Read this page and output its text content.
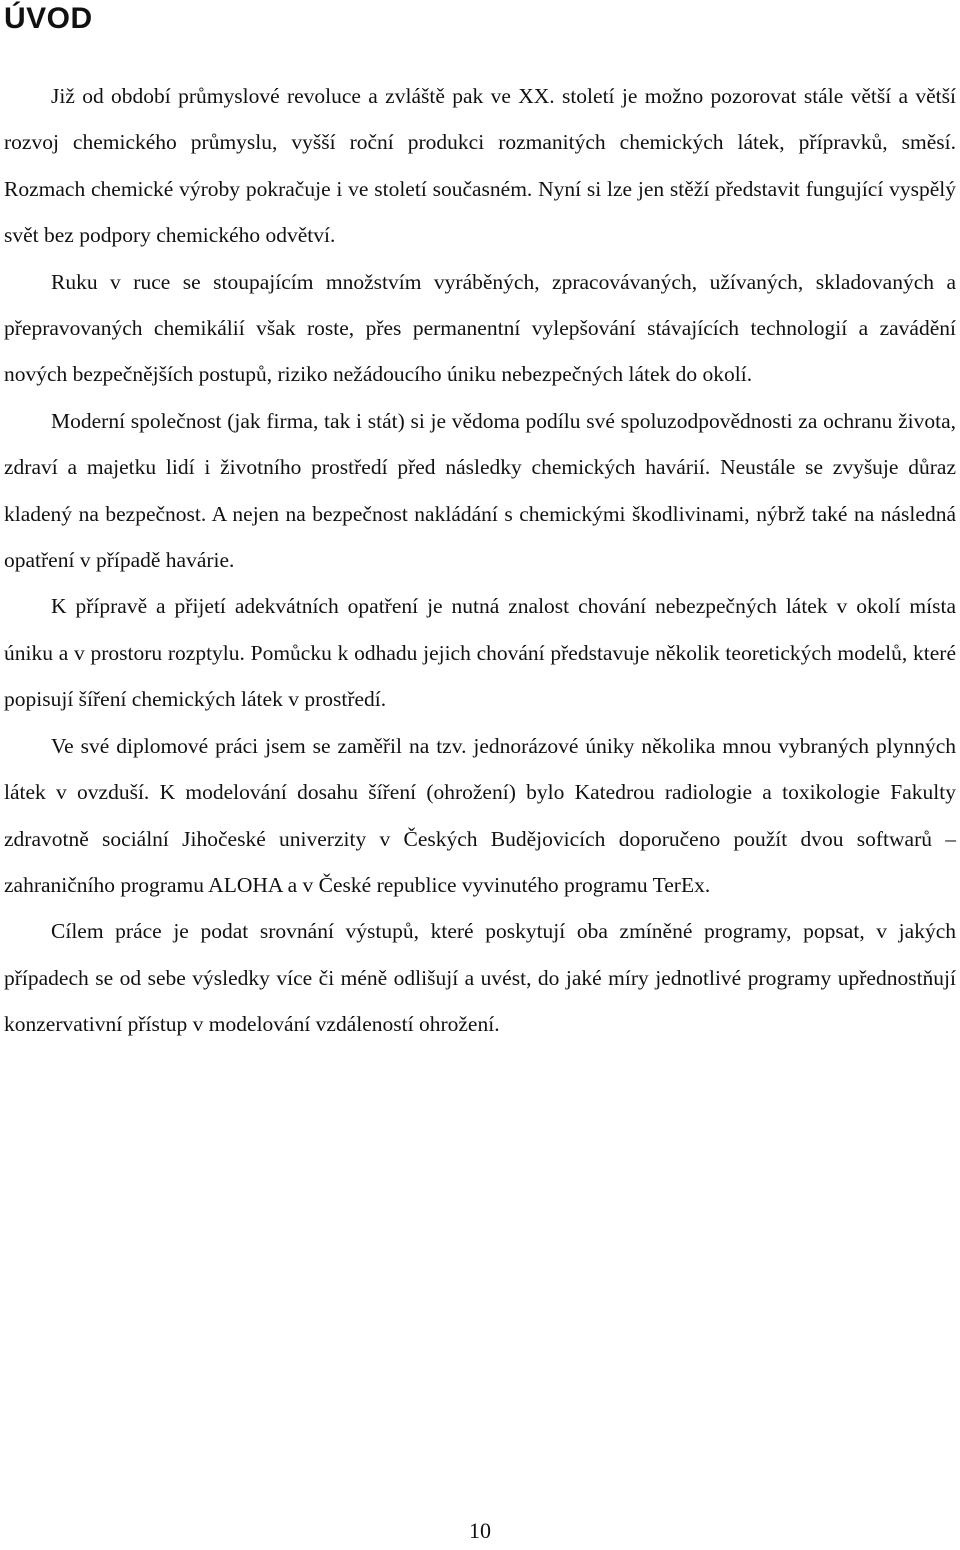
ÚVOD

Již od období průmyslové revoluce a zvláště pak ve XX. století je možno pozorovat stále větší a větší rozvoj chemického průmyslu, vyšší roční produkci rozmanitých chemických látek, přípravků, směsí. Rozmach chemické výroby pokračuje i ve století současném. Nyní si lze jen stěží představit fungující vyspělý svět bez podpory chemického odvětví.

Ruku v ruce se stoupajícím množstvím vyráběných, zpracovávaných, užívaných, skladovaných a přepravovaných chemikálií však roste, přes permanentní vylepšování stávajících technologií a zavádění nových bezpečnějších postupů, riziko nežádoucího úniku nebezpečných látek do okolí.

Moderní společnost (jak firma, tak i stát) si je vědoma podílu své spoluzodpovědnosti za ochranu života, zdraví a majetku lidí i životního prostředí před následky chemických havárií. Neustále se zvyšuje důraz kladený na bezpečnost. A nejen na bezpečnost nakládání s chemickými škodlivinami, nýbrž také na následná opatření v případě havárie.

K přípravě a přijetí adekvátních opatření je nutná znalost chování nebezpečných látek v okolí místa úniku a v prostoru rozptylu. Pomůcku k odhadu jejich chování představuje několik teoretických modelů, které popisují šíření chemických látek v prostředí.

Ve své diplomové práci jsem se zaměřil na tzv. jednorázové úniky několika mnou vybraných plynných látek v ovzduší. K modelování dosahu šíření (ohrožení) bylo Katedrou radiologie a toxikologie Fakulty zdravotně sociální Jihočeské univerzity v Českých Budějovicích doporučeno použít dvou softwarů – zahraničního programu ALOHA a v České republice vyvinutého programu TerEx.

Cílem práce je podat srovnání výstupů, které poskytují oba zmíněné programy, popsat, v jakých případech se od sebe výsledky více či méně odlišují a uvést, do jaké míry jednotlivé programy upřednostňují konzervativní přístup v modelování vzdáleností ohrožení.

10
